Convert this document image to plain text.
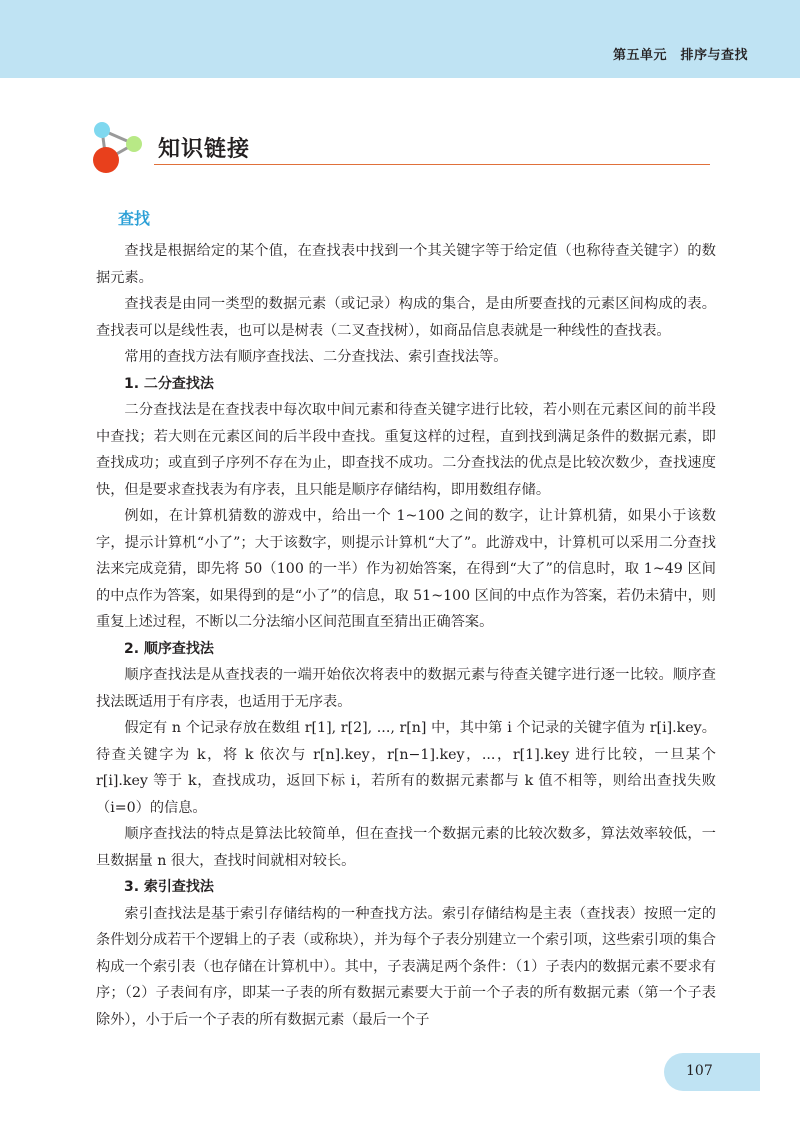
第五单元　排序与查找
知识链接
查找

查找是根据给定的某个值，在查找表中找到一个其关键字等于给定值（也称待查关键字）的数据元素。

查找表是由同一类型的数据元素（或记录）构成的集合，是由所要查找的元素区间构成的表。查找表可以是线性表，也可以是树表（二叉查找树），如商品信息表就是一种线性的查找表。

常用的查找方法有顺序查找法、二分查找法、索引查找法等。

1. 二分查找法

二分查找法是在查找表中每次取中间元素和待查关键字进行比较，若小则在元素区间的前半段中查找；若大则在元素区间的后半段中查找。重复这样的过程，直到找到满足条件的数据元素，即查找成功；或直到子序列不存在为止，即查找不成功。二分查找法的优点是比较次数少，查找速度快，但是要求查找表为有序表，且只能是顺序存储结构，即用数组存储。

例如，在计算机猜数的游戏中，给出一个 1~100 之间的数字，让计算机猜，如果小于该数字，提示计算机“小了”；大于该数字，则提示计算机“大了”。此游戏中，计算机可以采用二分查找法来完成竞猜，即先将 50（100 的一半）作为初始答案，在得到“大了”的信息时，取 1~49 区间的中点作为答案，如果得到的是“小了”的信息，取 51~100 区间的中点作为答案，若仍未猜中，则重复上述过程，不断以二分法缩小区间范围直至猜出正确答案。

2. 顺序查找法

顺序查找法是从查找表的一端开始依次将表中的数据元素与待查关键字进行逐一比较。顺序查找法既适用于有序表，也适用于无序表。

假定有 n 个记录存放在数组 r[1], r[2], ..., r[n] 中，其中第 i 个记录的关键字值为 r[i].key。待查关键字为 k，将 k 依次与 r[n].key，r[n−1].key，...，r[1].key 进行比较，一旦某个 r[i].key 等于 k，查找成功，返回下标 i，若所有的数据元素都与 k 值不相等，则给出查找失败（i=0）的信息。

顺序查找法的特点是算法比较简单，但在查找一个数据元素的比较次数多，算法效率较低，一旦数据量 n 很大，查找时间就相对较长。

3. 索引查找法

索引查找法是基于索引存储结构的一种查找方法。索引存储结构是主表（查找表）按照一定的条件划分成若干个逻辑上的子表（或称块），并为每个子表分别建立一个索引项，这些索引项的集合构成一个索引表（也存储在计算机中）。其中，子表满足两个条件：（1）子表内的数据元素不要求有序；（2）子表间有序，即某一子表的所有数据元素要大于前一个子表的所有数据元素（第一个子表除外），小于后一个子表的所有数据元素（最后一个子

107
